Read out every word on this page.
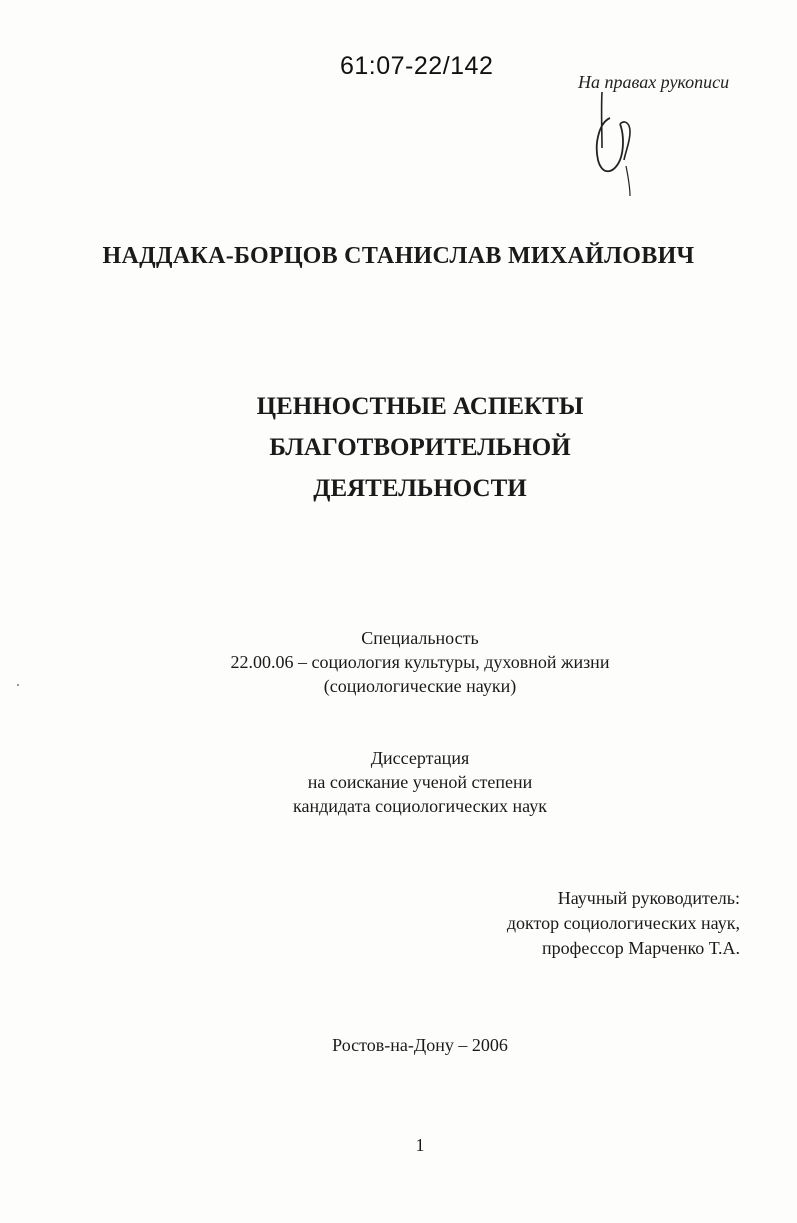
61:07-22/142
На правах рукописи
НАДДАКА-БОРЦОВ СТАНИСЛАВ МИХАЙЛОВИЧ
ЦЕННОСТНЫЕ АСПЕКТЫ
БЛАГОТВОРИТЕЛЬНОЙ
ДЕЯТЕЛЬНОСТИ
Специальность
22.00.06 – социология культуры, духовной жизни
(социологические науки)
Диссертация
на соискание ученой степени
кандидата социологических наук
Научный руководитель:
доктор социологических наук,
профессор Марченко Т.А.
Ростов-на-Дону – 2006
1
